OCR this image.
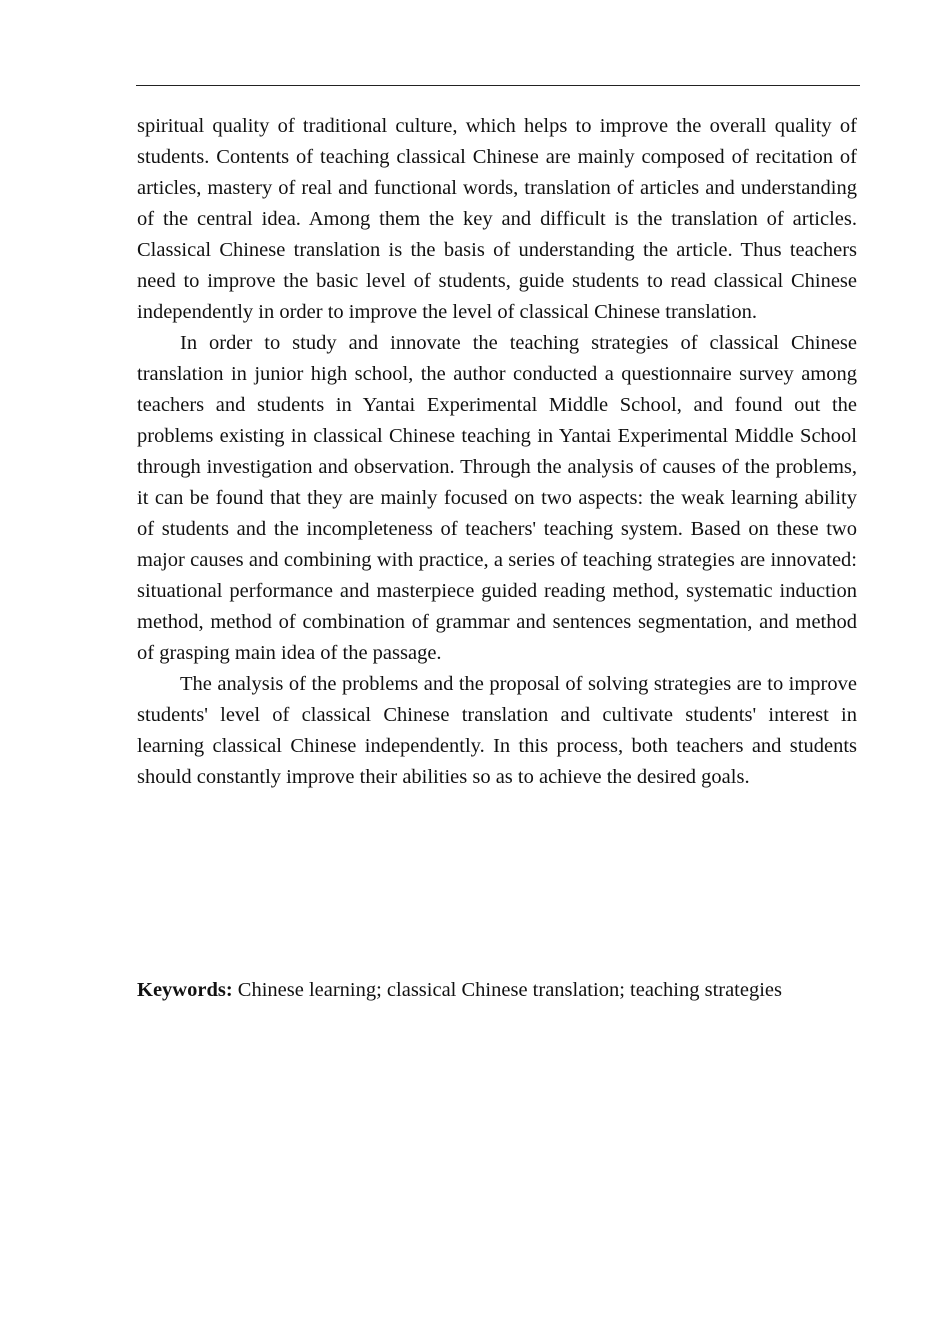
spiritual quality of traditional culture, which helps to improve the overall quality of students. Contents of teaching classical Chinese are mainly composed of recitation of articles, mastery of real and functional words, translation of articles and understanding of the central idea. Among them the key and difficult is the translation of articles. Classical Chinese translation is the basis of understanding the article. Thus teachers need to improve the basic level of students, guide students to read classical Chinese independently in order to improve the level of classical Chinese translation.

In order to study and innovate the teaching strategies of classical Chinese translation in junior high school, the author conducted a questionnaire survey among teachers and students in Yantai Experimental Middle School, and found out the problems existing in classical Chinese teaching in Yantai Experimental Middle School through investigation and observation. Through the analysis of causes of the problems, it can be found that they are mainly focused on two aspects: the weak learning ability of students and the incompleteness of teachers' teaching system. Based on these two major causes and combining with practice, a series of teaching strategies are innovated: situational performance and masterpiece guided reading method, systematic induction method, method of combination of grammar and sentences segmentation, and method of grasping main idea of the passage.

The analysis of the problems and the proposal of solving strategies are to improve students' level of classical Chinese translation and cultivate students' interest in learning classical Chinese independently. In this process, both teachers and students should constantly improve their abilities so as to achieve the desired goals.

Keywords: Chinese learning; classical Chinese translation; teaching strategies
